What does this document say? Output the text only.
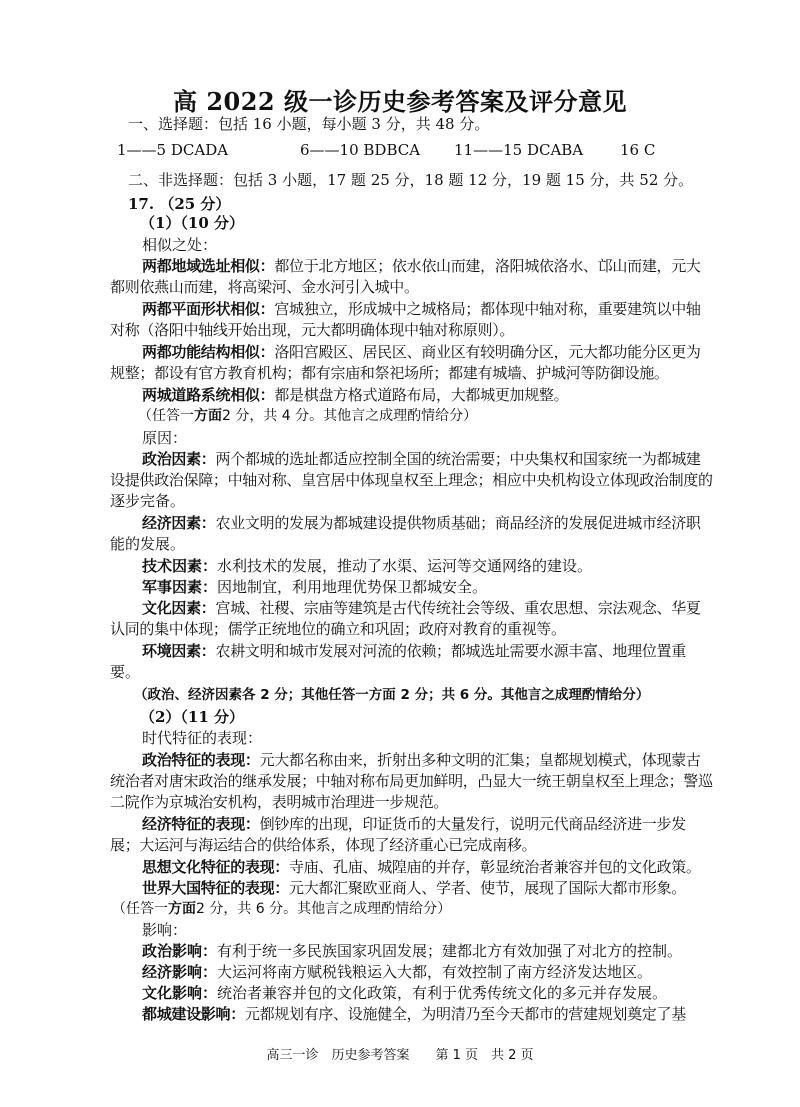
高 2022 级一诊历史参考答案及评分意见
一、选择题：包括 16 小题，每小题 3 分，共 48 分。
1——5 DCADA	6——10 BDBCA 11——15 DCABA 16 C
二、非选择题：包括 3 小题，17 题 25 分，18 题 12 分，19 题 15 分，共 52 分。
17. （25 分）
（1）（10 分）
相似之处：
两都地域选址相似：都位于北方地区；依水依山而建，洛阳城依洛水、邙山而建，元大
都则依燕山而建，将高梁河、金水河引入城中。
两都平面形状相似：宫城独立，形成城中之城格局；都体现中轴对称，重要建筑以中轴
对称（洛阳中轴线开始出现，元大都明确体现中轴对称原则）。
两都功能结构相似：洛阳宫殿区、居民区、商业区有较明确分区，元大都功能分区更为
规整；都设有官方教育机构；都有宗庙和祭祀场所；都建有城墙、护城河等防御设施。
两城道路系统相似：都是棋盘方格式道路布局，大都城更加规整。
（任答一方面2 分，共 4 分。其他言之成理酌情给分）
原因：
政治因素：两个都城的选址都适应控制全国的统治需要；中央集权和国家统一为都城建
设提供政治保障；中轴对称、皇宫居中体现皇权至上理念；相应中央机构设立体现政治制度的
逐步完备。
经济因素：农业文明的发展为都城建设提供物质基础；商品经济的发展促进城市经济职
能的发展。
技术因素：水利技术的发展，推动了水渠、运河等交通网络的建设。
军事因素：因地制宜，利用地理优势保卫都城安全。
文化因素：宫城、社稷、宗庙等建筑是古代传统社会等级、重农思想、宗法观念、华夏
认同的集中体现；儒学正统地位的确立和巩固；政府对教育的重视等。
环境因素：农耕文明和城市发展对河流的依赖；都城选址需要水源丰富、地理位置重
要。
（政治、经济因素各 2 分；其他任答一方面 2 分；共 6 分。其他言之成理酌情给分）
（2）（11 分）
时代特征的表现：
政治特征的表现：元大都名称由来，折射出多种文明的汇集；皇都规划模式，体现蒙古
统治者对唐宋政治的继承发展；中轴对称布局更加鲜明，凸显大一统王朝皇权至上理念；警巡
二院作为京城治安机构，表明城市治理进一步规范。
经济特征的表现：倒钞库的出现，印证货币的大量发行，说明元代商品经济进一步发
展；大运河与海运结合的供给体系，体现了经济重心已完成南移。
思想文化特征的表现：寺庙、孔庙、城隍庙的并存，彰显统治者兼容并包的文化政策。
世界大国特征的表现：元大都汇聚欧亚商人、学者、使节，展现了国际大都市形象。
（任答一方面2 分，共 6 分。其他言之成理酌情给分）
影响：
政治影响：有利于统一多民族国家巩固发展；建都北方有效加强了对北方的控制。
经济影响：大运河将南方赋税钱粮运入大都，有效控制了南方经济发达地区。
文化影响：统治者兼容并包的文化政策，有利于优秀传统文化的多元并存发展。
都城建设影响：元都规划有序、设施健全，为明清乃至今天都市的营建规划奠定了基
高三一诊　历史参考答案　　第 1 页　共 2 页
